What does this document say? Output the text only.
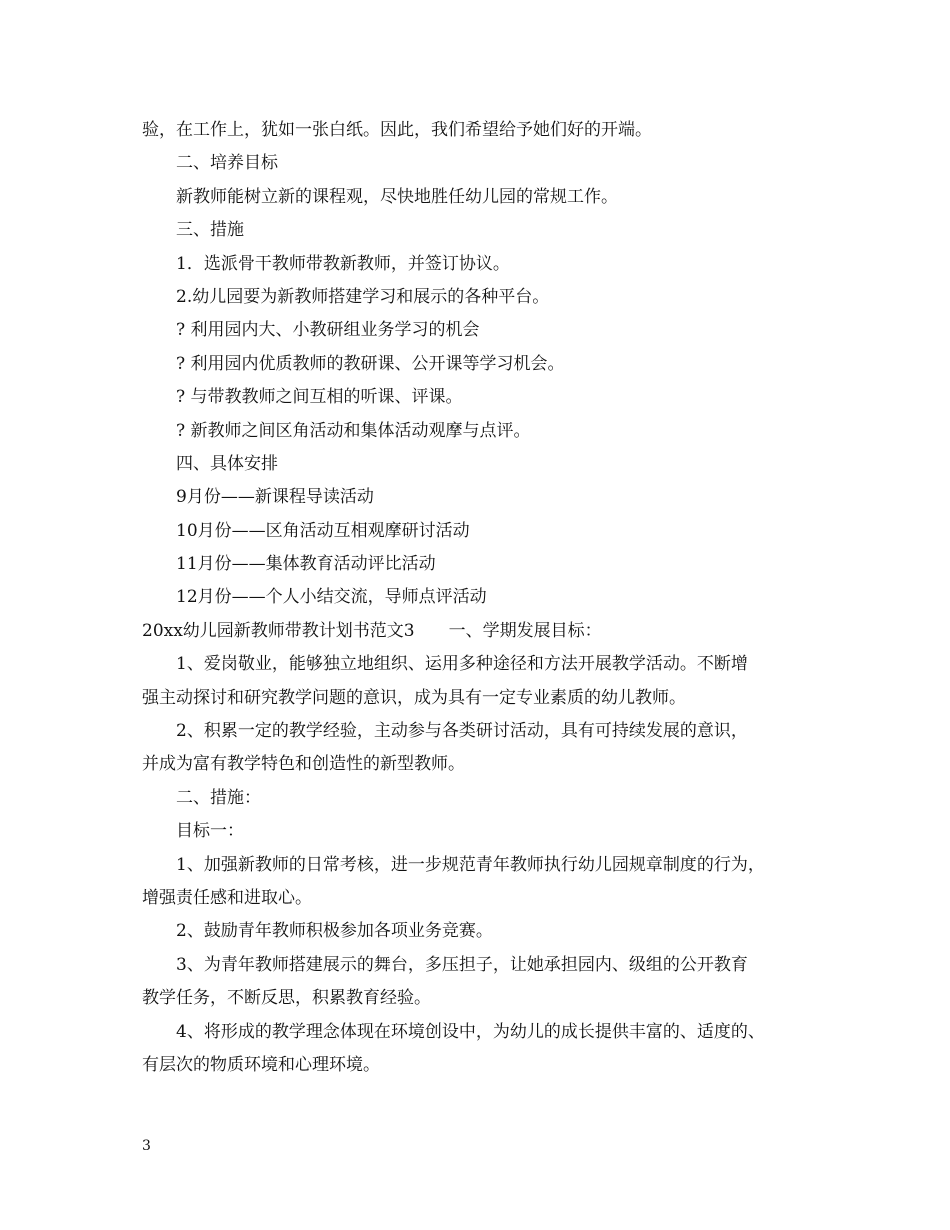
验，在工作上，犹如一张白纸。因此，我们希望给予她们好的开端。
二、培养目标
新教师能树立新的课程观，尽快地胜任幼儿园的常规工作。
三、措施
1．选派骨干教师带教新教师，并签订协议。
2.幼儿园要为新教师搭建学习和展示的各种平台。
? 利用园内大、小教研组业务学习的机会
? 利用园内优质教师的教研课、公开课等学习机会。
? 与带教教师之间互相的听课、评课。
? 新教师之间区角活动和集体活动观摩与点评。
四、具体安排
9月份——新课程导读活动
10月份——区角活动互相观摩研讨活动
11月份——集体教育活动评比活动
12月份——个人小结交流，导师点评活动
20xx幼儿园新教师带教计划书范文3　　一、学期发展目标：
1、爱岗敬业，能够独立地组织、运用多种途径和方法开展教学活动。不断增
强主动探讨和研究教学问题的意识，成为具有一定专业素质的幼儿教师。
2、积累一定的教学经验，主动参与各类研讨活动，具有可持续发展的意识，
并成为富有教学特色和创造性的新型教师。
二、措施：
目标一：
1、加强新教师的日常考核，进一步规范青年教师执行幼儿园规章制度的行为，
增强责任感和进取心。
2、鼓励青年教师积极参加各项业务竞赛。
3、为青年教师搭建展示的舞台，多压担子，让她承担园内、级组的公开教育
教学任务，不断反思，积累教育经验。
4、将形成的教学理念体现在环境创设中，为幼儿的成长提供丰富的、适度的、
有层次的物质环境和心理环境。
3
